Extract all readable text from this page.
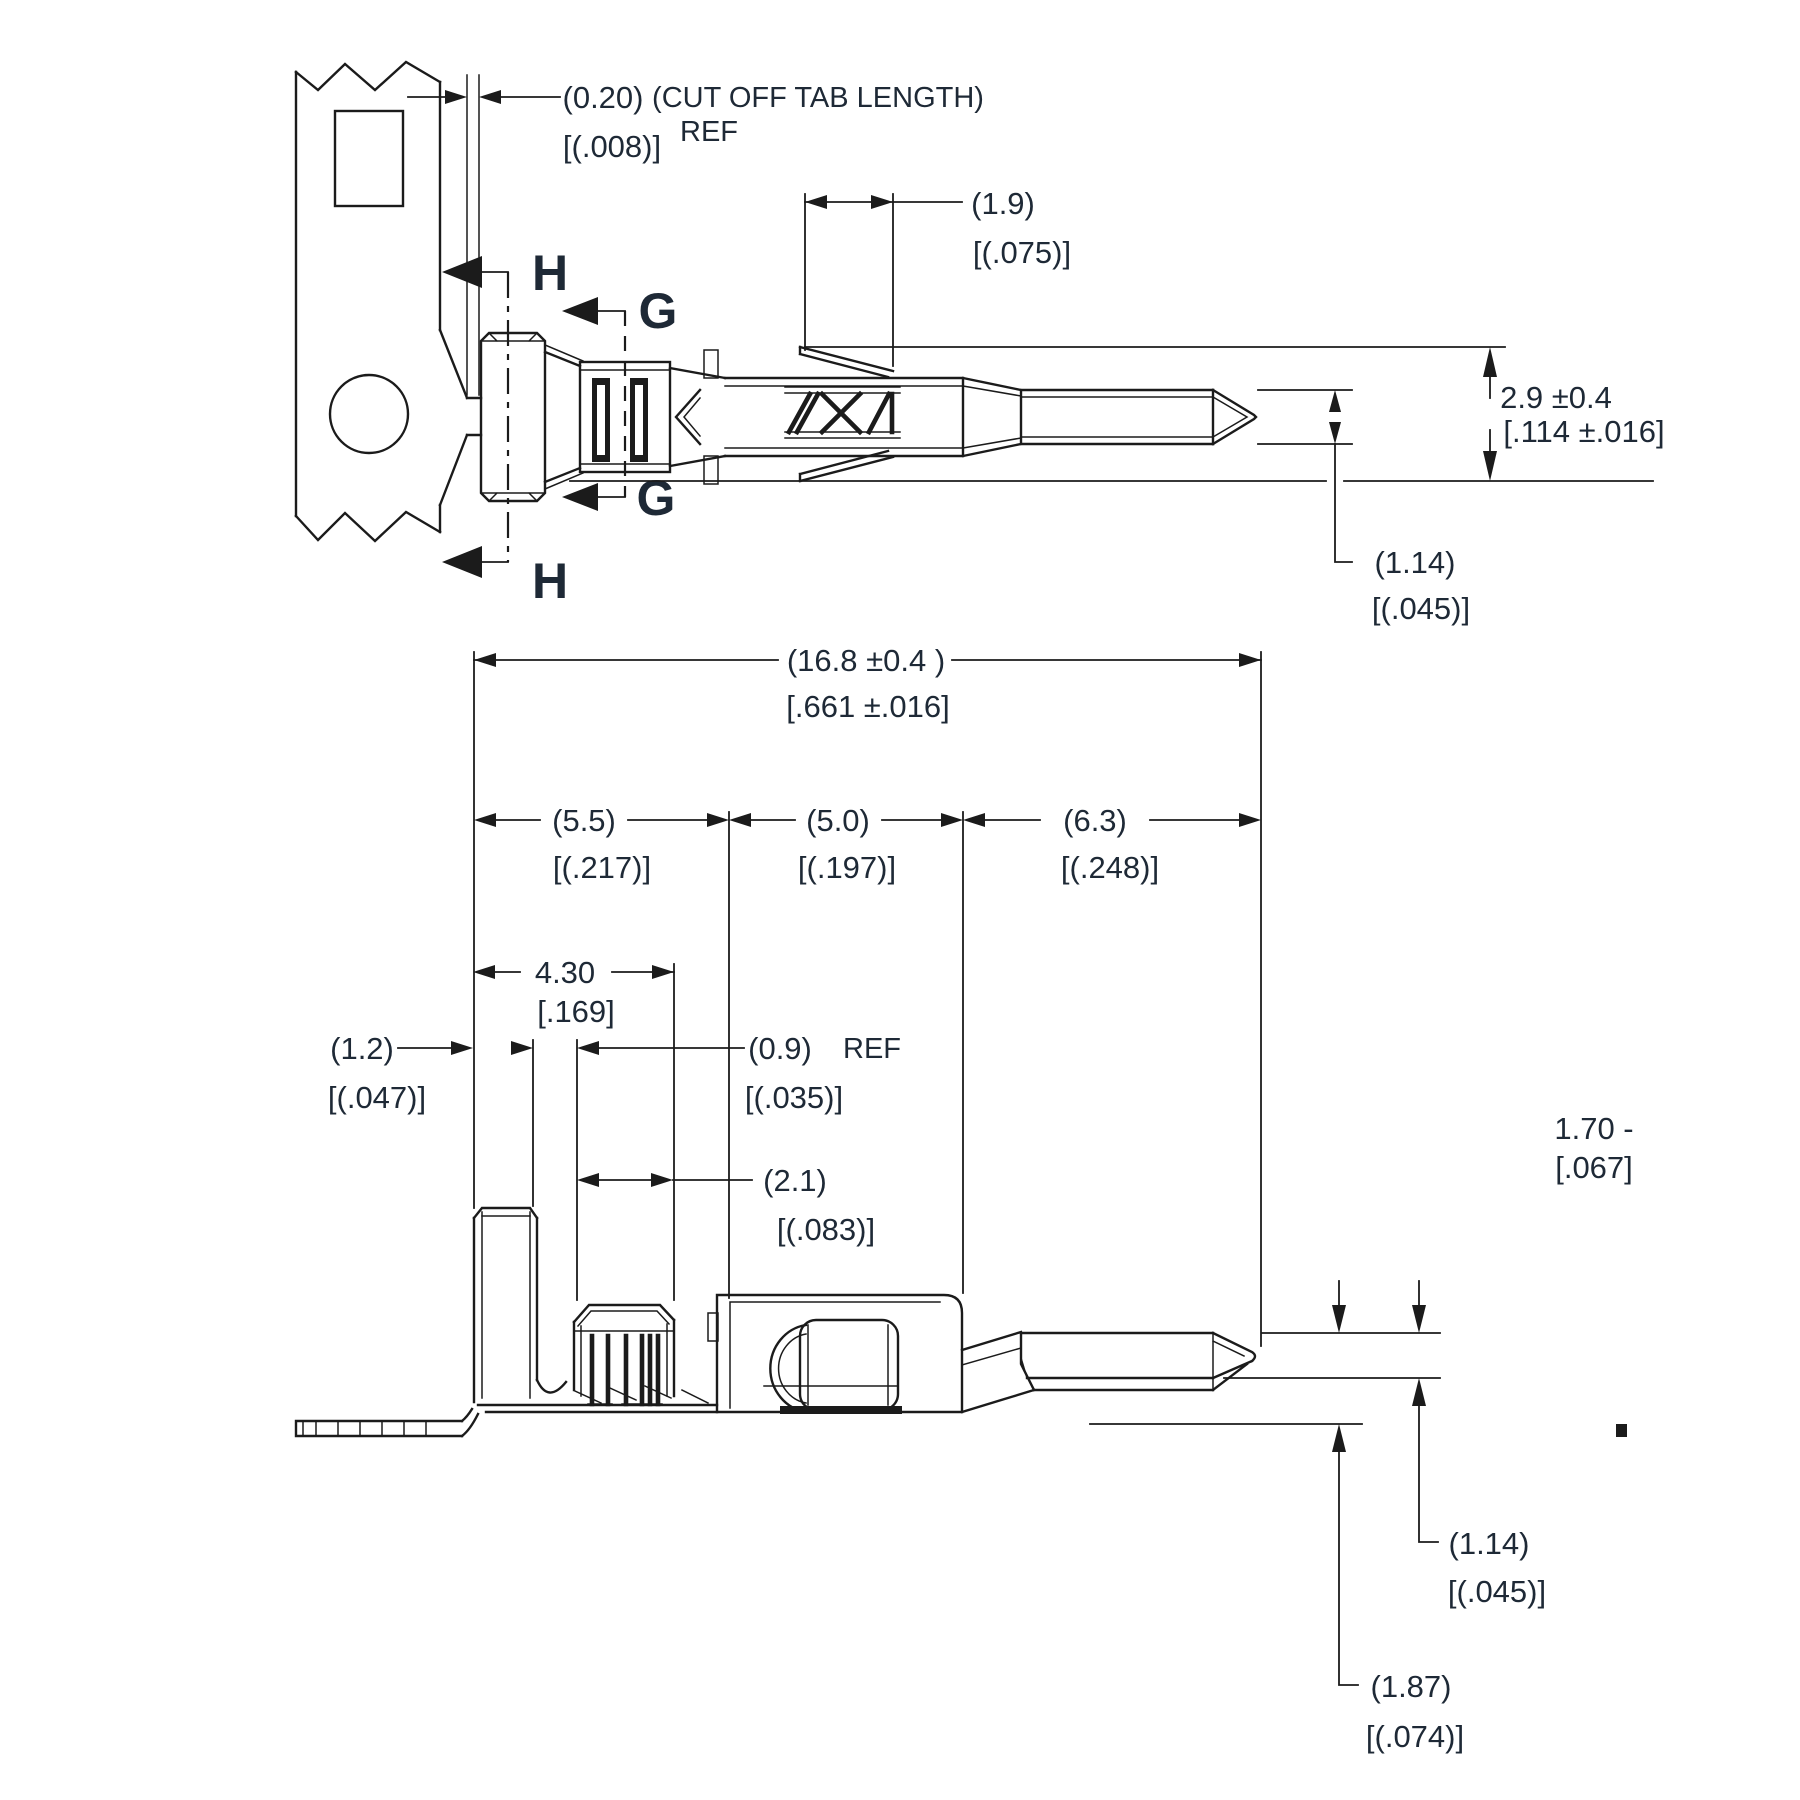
(0.20)
[(.008)] REF
(CUT OFF TAB LENGTH)
H
H
G
G
(1.9)
[(.075)]
2.9 ±0.4
[.114 ±.016]
(1.14)
[(.045)]
(16.8 ±0.4 )
[.661 ±.016]
(5.5)	(5.0)	(6.3)
[(.217)]	[(.197)]	[(.248)]
4.30
[.169]
(1.2)
[(.047)]
(0.9) REF
[(.035)]
(2.1)
[(.083)]
(1.14)
[(.045)]
(1.87)
[(.074)]
1.70 -
[.067]
